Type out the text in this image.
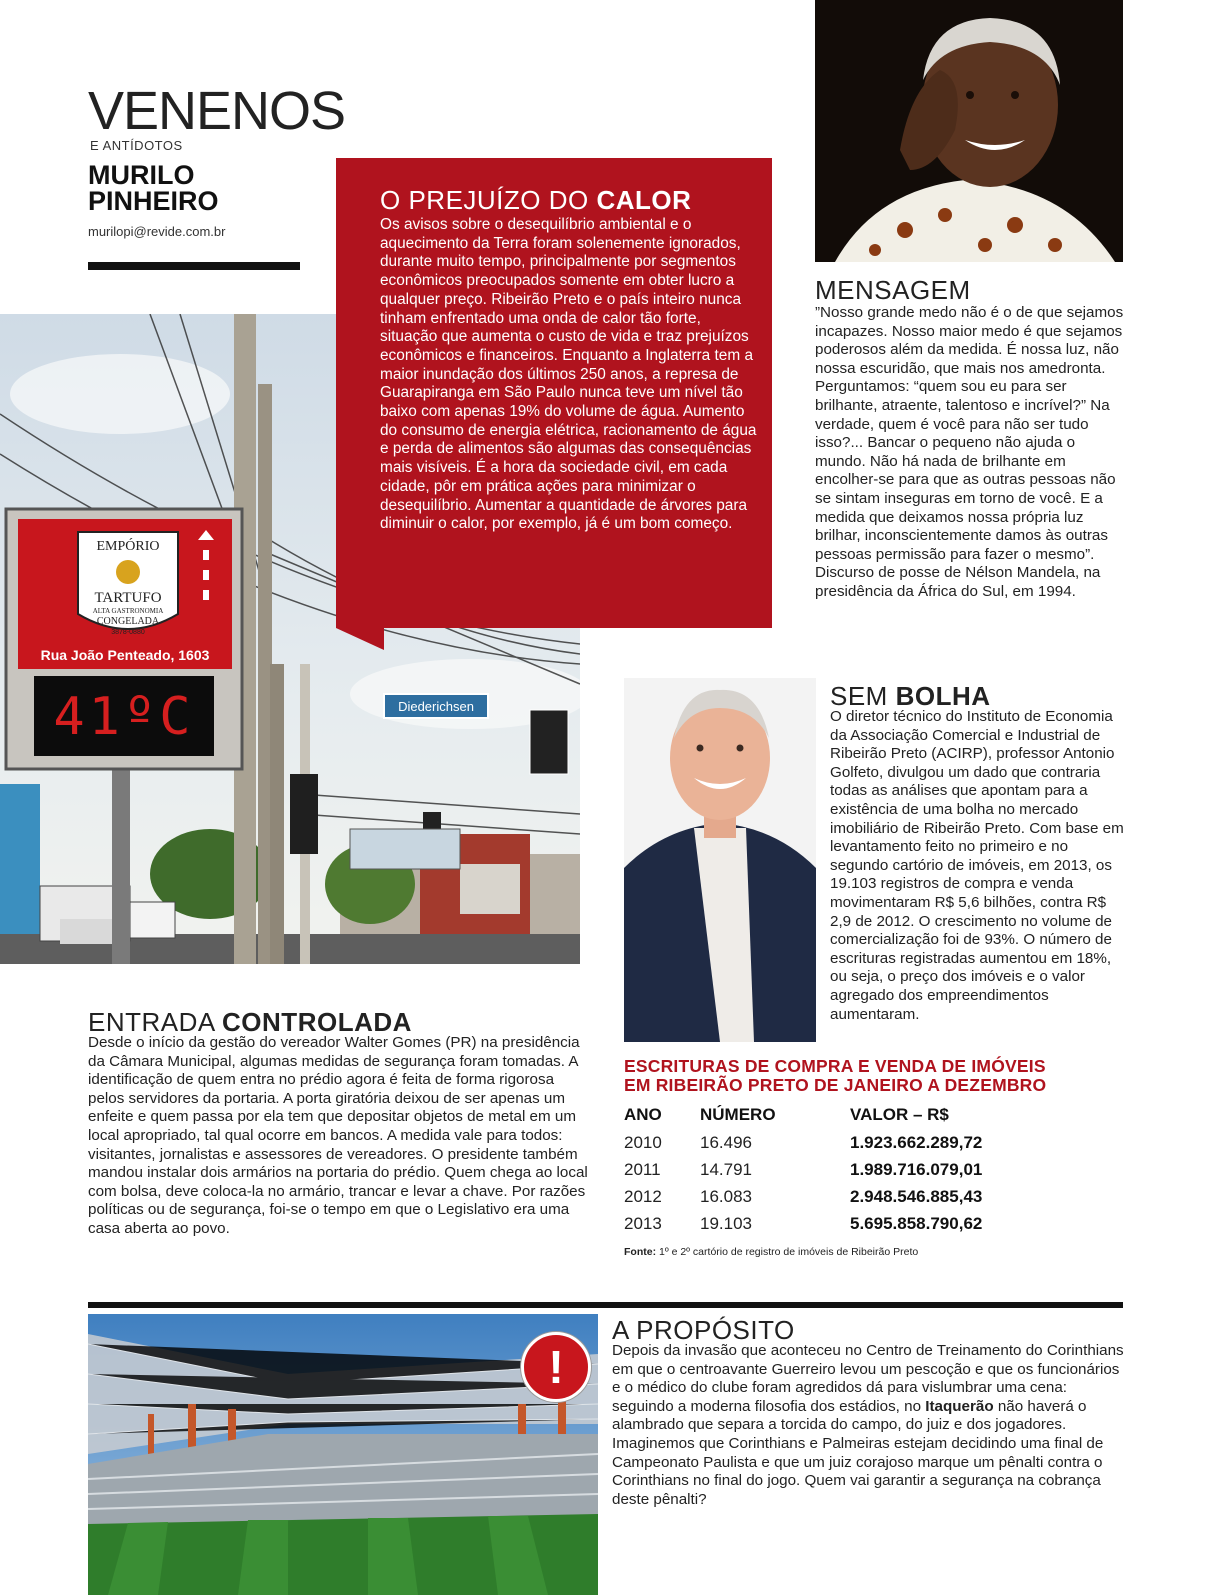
VENENOS
E ANTÍDOTOS
MURILO
PINHEIRO
murilopi@revide.com.br
Diederichsen
EMPÓRIO
TARTUFO
ALTA GASTRONOMIA
CONGELADA
3878-0880
Rua João Penteado, 1603
41ºC
O PREJUÍZO DO CALOR

Os avisos sobre o desequilíbrio ambiental e o aquecimento da Terra foram solenemente ignorados, durante muito tempo, principalmente por segmentos econômicos preocupados somente em obter lucro a qualquer preço. Ribeirão Preto e o país inteiro nunca tinham enfrentado uma onda de calor tão forte, situação que aumenta o custo de vida e traz prejuízos econômicos e financeiros. Enquanto a Inglaterra tem a maior inundação dos últimos 250 anos, a represa de Guarapiranga em São Paulo nunca teve um nível tão baixo com apenas 19% do volume de água. Aumento do consumo de energia elétrica, racionamento de água e perda de alimentos são algumas das consequências mais visíveis. É a hora da sociedade civil, em cada cidade, pôr em prática ações para minimizar o desequilíbrio. Aumentar a quantidade de árvores para diminuir o calor, por exemplo, já é um bom começo.

MENSAGEM

”Nosso grande medo não é o de que sejamos incapazes. Nosso maior medo é que sejamos poderosos além da medida. É nossa luz, não nossa escuridão, que mais nos amedronta. Perguntamos: “quem sou eu para ser brilhante, atraente, talentoso e incrível?” Na verdade, quem é você para não ser tudo isso?... Bancar o pequeno não ajuda o mundo. Não há nada de brilhante em encolher-se para que as outras pessoas não se sintam inseguras em torno de você. E a medida que deixamos nossa própria luz brilhar, inconscientemente damos às outras pessoas permissão para fazer o mesmo”.

Discurso de posse de Nélson Mandela, na presidência da África do Sul, em 1994.

SEM BOLHA

O diretor técnico do Instituto de Economia da Associação Comercial e Industrial de Ribeirão Preto (ACIRP), professor Antonio Golfeto, divulgou um dado que contraria todas as análises que apontam para a existência de uma bolha no mercado imobiliário de Ribeirão Preto. Com base em levantamento feito no primeiro e no segundo cartório de imóveis, em 2013, os 19.103 registros de compra e venda movimentaram R$ 5,6 bilhões, contra R$ 2,9 de 2012. O crescimento no volume de comercialização foi de 93%. O número de escrituras registradas aumentou em 18%, ou seja, o preço dos imóveis e o valor agregado dos empreendimentos aumentaram.

ENTRADA CONTROLADA

Desde o início da gestão do vereador Walter Gomes (PR) na presidência da Câmara Municipal, algumas medidas de segurança foram tomadas. A identificação de quem entra no prédio agora é feita de forma rigorosa pelos servidores da portaria. A porta giratória deixou de ser apenas um enfeite e quem passa por ela tem que depositar objetos de metal em um local apropriado, tal qual ocorre em bancos. A medida vale para todos: visitantes, jornalistas e assessores de vereadores. O presidente também mandou instalar dois armários na portaria do prédio. Quem chega ao local com bolsa, deve coloca-la no armário, trancar e levar a chave. Por razões políticas ou de segurança, foi-se o tempo em que o Legislativo era uma casa aberta ao povo.

ESCRITURAS DE COMPRA E VENDA DE IMÓVEIS
EM RIBEIRÃO PRETO DE JANEIRO A DEZEMBRO
ANO	NÚMERO	VALOR – R$
2010	16.496	1.923.662.289,72
2011	14.791	1.989.716.079,01
2012	16.083	2.948.546.885,43
2013	19.103	5.695.858.790,62
Fonte: 1º e 2º cartório de registro de imóveis de Ribeirão Preto
!
A PROPÓSITO

Depois da invasão que aconteceu no Centro de Treinamento do Corinthians em que o centroavante Guerreiro levou um pescoção e que os funcionários e o médico do clube foram agredidos dá para vislumbrar uma cena: seguindo a moderna filosofia dos estádios, no Itaquerão não haverá o alambrado que separa a torcida do campo, do juiz e dos jogadores. Imaginemos que Corinthians e Palmeiras estejam decidindo uma final de Campeonato Paulista e que um juiz corajoso marque um pênalti contra o Corinthians no final do jogo. Quem vai garantir a segurança na cobrança deste pênalti?
